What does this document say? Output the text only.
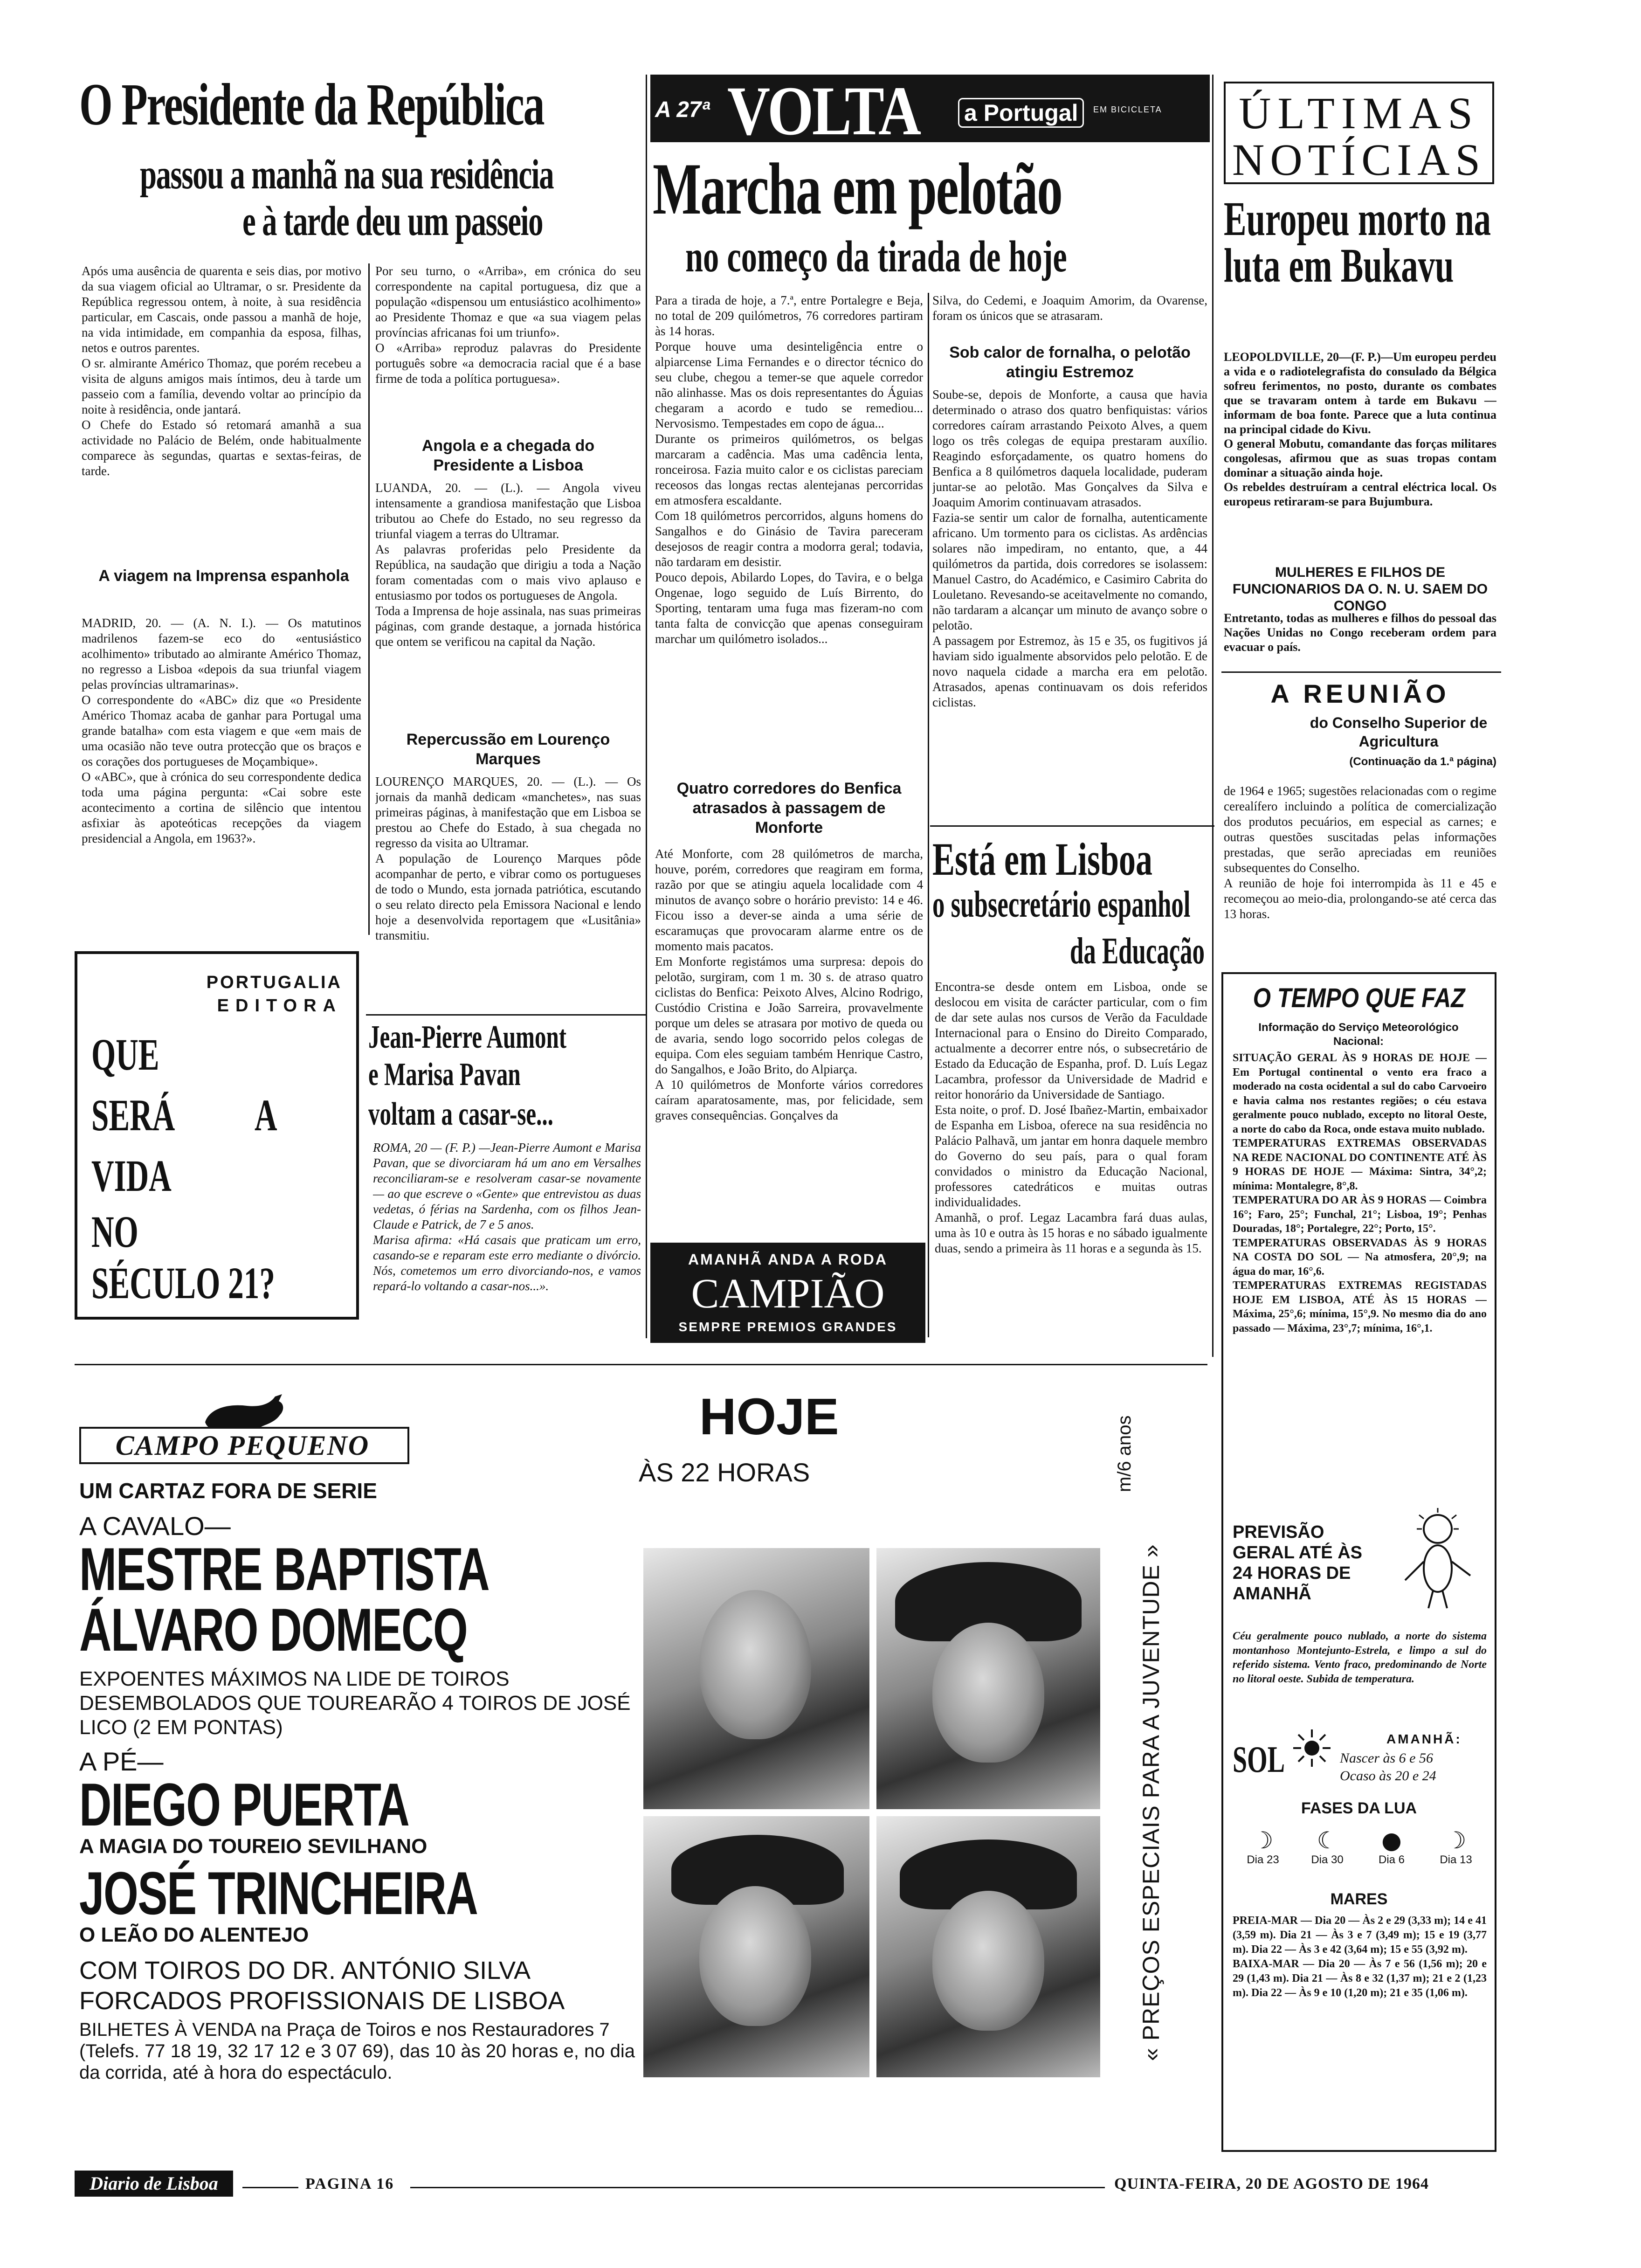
O Presidente da República
passou a manhã na sua residência
e à tarde deu um passeio
Após uma ausência de quarenta e seis dias, por motivo da sua viagem oficial ao Ultramar, o sr. Presidente da República regressou ontem, à noite, à sua residência particular, em Cascais, onde passou a manhã de hoje, na vida intimidade, em companhia da esposa, filhas, netos e outros parentes.
O sr. almirante Américo Thomaz, que porém recebeu a visita de alguns amigos mais íntimos, deu à tarde um passeio com a família, devendo voltar ao princípio da noite à residência, onde jantará.
O Chefe do Estado só retomará amanhã a sua actividade no Palácio de Belém, onde habitualmente comparece às segundas, quartas e sextas-feiras, de tarde.
A viagem na Imprensa espanhola
MADRID, 20. — (A. N. I.). — Os matutinos madrilenos fazem-se eco do «entusiástico acolhimento» tributado ao almirante Américo Thomaz, no regresso a Lisboa «depois da sua triunfal viagem pelas províncias ultramarinas».
O correspondente do «ABC» diz que «o Presidente Américo Thomaz acaba de ganhar para Portugal uma grande batalha» com esta viagem e que «em mais de uma ocasião não teve outra protecção que os braços e os corações dos portugueses de Moçambique».
O «ABC», que à crónica do seu correspondente dedica toda uma página pergunta: «Cai sobre este acontecimento a cortina de silêncio que intentou asfixiar às apoteóticas recepções da viagem presidencial a Angola, em 1963?».
Por seu turno, o «Arriba», em crónica do seu correspondente na capital portuguesa, diz que a população «dispensou um entusiástico acolhimento» ao Presidente Thomaz e que «a sua viagem pelas províncias africanas foi um triunfo».
O «Arriba» reproduz palavras do Presidente português sobre «a democracia racial que é a base firme de toda a política portuguesa».
Angola e a chegada do Presidente a Lisboa
LUANDA, 20. — (L.). — Angola viveu intensamente a grandiosa manifestação que Lisboa tributou ao Chefe do Estado, no seu regresso da triunfal viagem a terras do Ultramar.
As palavras proferidas pelo Presidente da República, na saudação que dirigiu a toda a Nação foram comentadas com o mais vivo aplauso e entusiasmo por todos os portugueses de Angola.
Toda a Imprensa de hoje assinala, nas suas primeiras páginas, com grande destaque, a jornada histórica que ontem se verificou na capital da Nação.
Repercussão em Lourenço Marques
LOURENÇO MARQUES, 20. — (L.). — Os jornais da manhã dedicam «manchetes», nas suas primeiras páginas, à manifestação que em Lisboa se prestou ao Chefe do Estado, à sua chegada no regresso da visita ao Ultramar.
A população de Lourenço Marques pôde acompanhar de perto, e vibrar como os portugueses de todo o Mundo, esta jornada patriótica, escutando o seu relato directo pela Emissora Nacional e lendo hoje a desenvolvida reportagem que «Lusitânia» transmitiu.
PORTUGALIA
EDITORA
QUE
SERÁ A
VIDA
NO
SÉCULO 21?
Jean-Pierre Aumont
e Marisa Pavan
voltam a casar-se...
ROMA, 20 — (F. P.) —Jean-Pierre Aumont e Marisa Pavan, que se divorciaram há um ano em Versalhes reconciliaram-se e resolveram casar-se novamente — ao que escreve o «Gente» que entrevistou as duas vedetas, ó férias na Sardenha, com os filhos Jean-Claude e Patrick, de 7 e 5 anos.
Marisa afirma: «Há casais que praticam um erro, casando-se e reparam este erro mediante o divórcio. Nós, cometemos um erro divorciando-nos, e vamos repará-lo voltando a casar-nos...».
A 27ª VOLTA a Portugal	EM BICICLETA
Marcha em pelotão
no começo da tirada de hoje
Para a tirada de hoje, a 7.ª, entre Portalegre e Beja, no total de 209 quilómetros, 76 corredores partiram às 14 horas.
Porque houve uma desinteligência entre o alpiarcense Lima Fernandes e o director técnico do seu clube, chegou a temer-se que aquele corredor não alinhasse. Mas os dois representantes do Águias chegaram a acordo e tudo se remediou... Nervosismo. Tempestades em copo de água...
Durante os primeiros quilómetros, os belgas marcaram a cadência. Mas uma cadência lenta, ronceirosa. Fazia muito calor e os ciclistas pareciam receosos das longas rectas alentejanas percorridas em atmosfera escaldante.
Com 18 quilómetros percorridos, alguns homens do Sangalhos e do Ginásio de Tavira pareceram desejosos de reagir contra a modorra geral; todavia, não tardaram em desistir.
Pouco depois, Abilardo Lopes, do Tavira, e o belga Ongenae, logo seguido de Luís Birrento, do Sporting, tentaram uma fuga mas fizeram-no com tanta falta de convicção que apenas conseguiram marchar um quilómetro isolados...
Quatro corredores do Benfica atrasados à passagem de Monforte
Até Monforte, com 28 quilómetros de marcha, houve, porém, corredores que reagiram em forma, razão por que se atingiu aquela localidade com 4 minutos de avanço sobre o horário previsto: 14 e 46. Ficou isso a dever-se ainda a uma série de escaramuças que provocaram alarme entre os de momento mais pacatos.
Em Monforte registámos uma surpresa: depois do pelotão, surgiram, com 1 m. 30 s. de atraso quatro ciclistas do Benfica: Peixoto Alves, Alcino Rodrigo, Custódio Cristina e João Sarreira, provavelmente porque um deles se atrasara por motivo de queda ou de avaria, sendo logo socorrido pelos colegas de equipa. Com eles seguiam também Henrique Castro, do Sangalhos, e João Brito, do Alpiarça.
A 10 quilómetros de Monforte vários corredores caíram aparatosamente, mas, por felicidade, sem graves consequências. Gonçalves da
Silva, do Cedemi, e Joaquim Amorim, da Ovarense, foram os únicos que se atrasaram.
Sob calor de fornalha, o pelotão atingiu Estremoz
Soube-se, depois de Monforte, a causa que havia determinado o atraso dos quatro benfiquistas: vários corredores caíram arrastando Peixoto Alves, a quem logo os três colegas de equipa prestaram auxílio. Reagindo esforçadamente, os quatro homens do Benfica a 8 quilómetros daquela localidade, puderam juntar-se ao pelotão. Mas Gonçalves da Silva e Joaquim Amorim continuavam atrasados.
Fazia-se sentir um calor de fornalha, autenticamente africano. Um tormento para os ciclistas. As ardências solares não impediram, no entanto, que, a 44 quilómetros da partida, dois corredores se isolassem: Manuel Castro, do Académico, e Casimiro Cabrita do Louletano. Revesando-se aceitavelmente no comando, não tardaram a alcançar um minuto de avanço sobre o pelotão.
A passagem por Estremoz, às 15 e 35, os fugitivos já haviam sido igualmente absorvidos pelo pelotão. E de novo naquela cidade a marcha era em pelotão. Atrasados, apenas continuavam os dois referidos ciclistas.
AMANHÃ ANDA A RODA
CAMPIÃO
SEMPRE PREMIOS GRANDES
Está em Lisboa
o subsecretário espanhol
da Educação
Encontra-se desde ontem em Lisboa, onde se deslocou em visita de carácter particular, com o fim de dar sete aulas nos cursos de Verão da Faculdade Internacional para o Ensino do Direito Comparado, actualmente a decorrer entre nós, o subsecretário de Estado da Educação de Espanha, prof. D. Luís Legaz Lacambra, professor da Universidade de Madrid e reitor honorário da Universidade de Santiago.
Esta noite, o prof. D. José Ibañez-Martin, embaixador de Espanha em Lisboa, oferece na sua residência no Palácio Palhavã, um jantar em honra daquele membro do Governo do seu país, para o qual foram convidados o ministro da Educação Nacional, professores catedráticos e muitas outras individualidades.
Amanhã, o prof. Legaz Lacambra fará duas aulas, uma às 10 e outra às 15 horas e no sábado igualmente duas, sendo a primeira às 11 horas e a segunda às 15.
ÚLTIMAS
NOTÍCIAS
Europeu morto na luta em Bukavu
LEOPOLDVILLE, 20—(F. P.)—Um europeu perdeu a vida e o radiotelegrafista do consulado da Bélgica sofreu ferimentos, no posto, durante os combates que se travaram ontem à tarde em Bukavu — informam de boa fonte. Parece que a luta continua na principal cidade do Kivu.
O general Mobutu, comandante das forças militares congolesas, afirmou que as suas tropas contam dominar a situação ainda hoje.
Os rebeldes destruíram a central eléctrica local. Os europeus retiraram-se para Bujumbura.
MULHERES E FILHOS DE FUNCIONARIOS DA O. N. U. SAEM DO CONGO
Entretanto, todas as mulheres e filhos do pessoal das Nações Unidas no Congo receberam ordem para evacuar o país.
A REUNIÃO
do Conselho Superior de Agricultura
(Continuação da 1.ª página)
de 1964 e 1965; sugestões relacionadas com o regime cerealífero incluindo a política de comercialização dos produtos pecuários, em especial as carnes; e outras questões suscitadas pelas informações prestadas, que serão apreciadas em reuniões subsequentes do Conselho.
A reunião de hoje foi interrompida às 11 e 45 e recomeçou ao meio-dia, prolongando-se até cerca das 13 horas.
O TEMPO QUE FAZ
Informação do Serviço Meteorológico Nacional:
SITUAÇÃO GERAL ÀS 9 HORAS DE HOJE — Em Portugal continental o vento era fraco a moderado na costa ocidental a sul do cabo Carvoeiro e havia calma nos restantes regiões; o céu estava geralmente pouco nublado, excepto no litoral Oeste, a norte do cabo da Roca, onde estava muito nublado.
TEMPERATURAS EXTREMAS OBSERVADAS NA REDE NACIONAL DO CONTINENTE ATÉ ÀS 9 HORAS DE HOJE — Máxima: Sintra, 34°,2; mínima: Montalegre, 8°,8.
TEMPERATURA DO AR ÀS 9 HORAS — Coimbra 16°; Faro, 25°; Funchal, 21°; Lisboa, 19°; Penhas Douradas, 18°; Portalegre, 22°; Porto, 15°.
TEMPERATURAS OBSERVADAS ÀS 9 HORAS NA COSTA DO SOL — Na atmosfera, 20°,9; na água do mar, 16°,6.
TEMPERATURAS EXTREMAS REGISTADAS HOJE EM LISBOA, ATÉ ÀS 15 HORAS — Máxima, 25°,6; mínima, 15°,9. No mesmo dia do ano passado — Máxima, 23°,7; mínima, 16°,1.
PREVISÃO GERAL ATÉ ÀS 24 HORAS DE AMANHÃ
Céu geralmente pouco nublado, a norte do sistema montanhoso Montejunto-Estrela, e limpo a sul do referido sistema. Vento fraco, predominando de Norte no litoral oeste. Subida de temperatura.
SOL
AMANHÃ:
Nascer às 6 e 56
Ocaso às 20 e 24
FASES DA LUA
☽
Dia 23
☾
Dia 30
●
Dia 6
☽
Dia 13
MARES
PREIA-MAR — Dia 20 — Às 2 e 29 (3,33 m); 14 e 41 (3,59 m). Dia 21 — Às 3 e 7 (3,49 m); 15 e 19 (3,77 m). Dia 22 — Às 3 e 42 (3,64 m); 15 e 55 (3,92 m).
BAIXA-MAR — Dia 20 — Às 7 e 56 (1,56 m); 20 e 29 (1,43 m). Dia 21 — Às 8 e 32 (1,37 m); 21 e 2 (1,23 m). Dia 22 — Às 9 e 10 (1,20 m); 21 e 35 (1,06 m).
CAMPO PEQUENO
UM CARTAZ FORA DE SERIE
A CAVALO—
MESTRE BAPTISTA
ÁLVARO DOMECQ
EXPOENTES MÁXIMOS NA LIDE DE TOIROS DESEMBOLADOS QUE TOUREARÃO 4 TOIROS DE JOSÉ LICO (2 EM PONTAS)
A PÉ—
DIEGO PUERTA
A MAGIA DO TOUREIO SEVILHANO
JOSÉ TRINCHEIRA
O LEÃO DO ALENTEJO
COM TOIROS DO DR. ANTÓNIO SILVA
FORCADOS PROFISSIONAIS DE LISBOA
BILHETES À VENDA na Praça de Toiros e nos Restauradores 7 (Telefs. 77 18 19, 32 17 12 e 3 07 69), das 10 às 20 horas e, no dia da corrida, até à hora do espectáculo.
HOJE
ÀS 22 HORAS	m/6 anos
« PREÇOS ESPECIAIS PARA A JUVENTUDE »
Diario de Lisboa	PAGINA 16	QUINTA-FEIRA, 20 DE AGOSTO DE 1964
